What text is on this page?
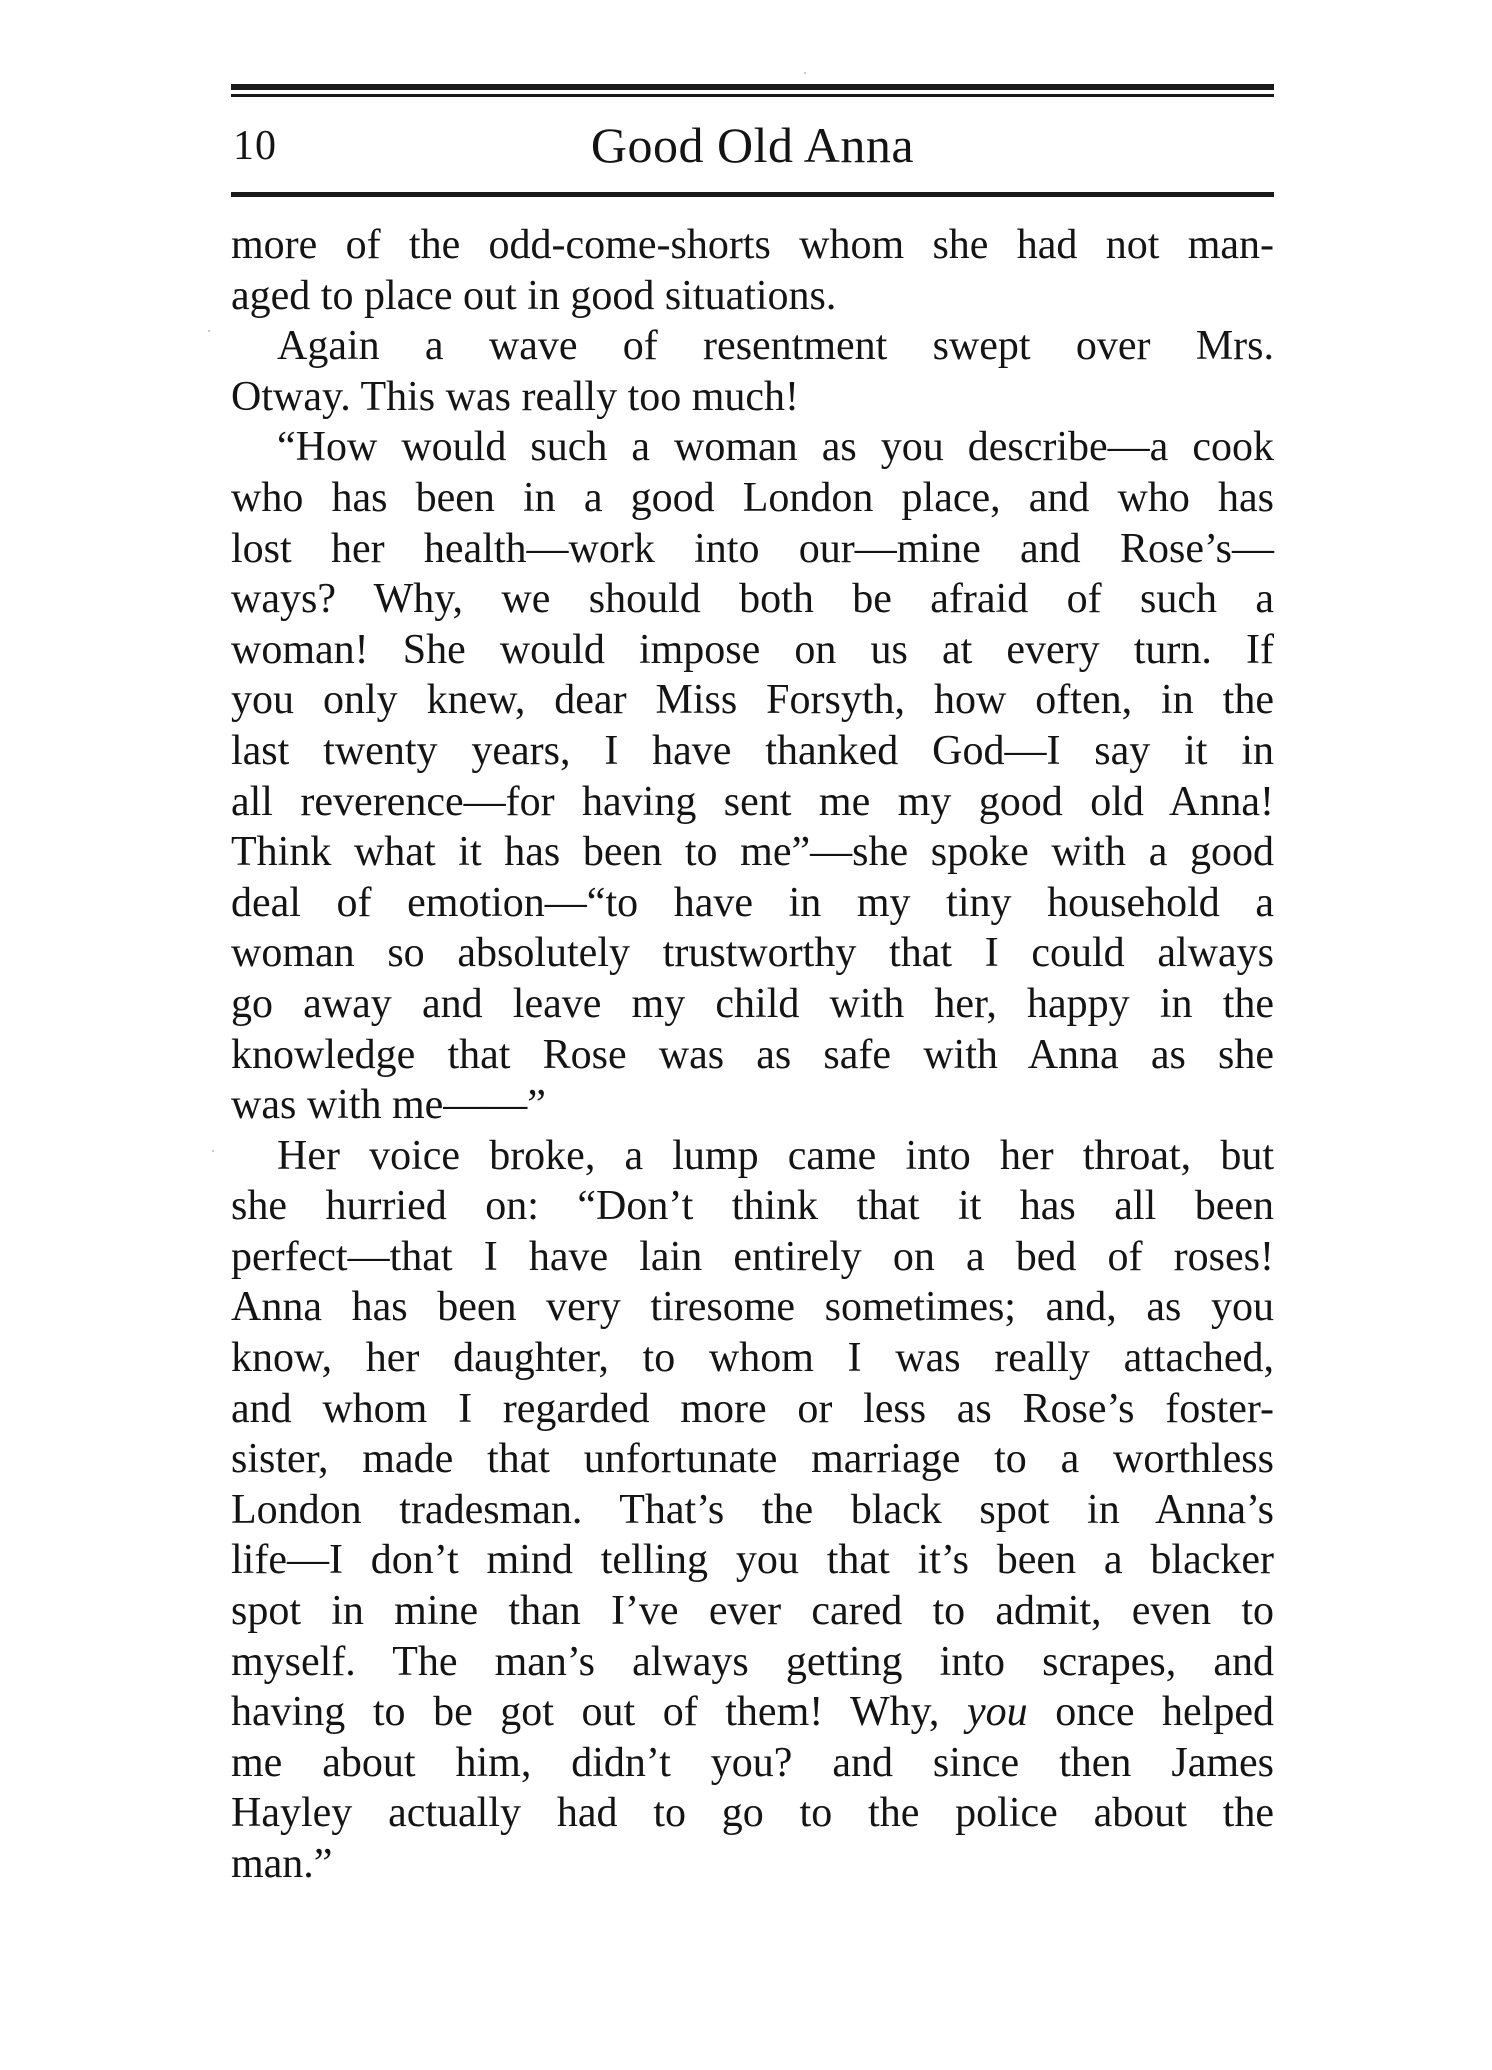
10	Good Old Anna
more of the odd-come-shorts whom she had not man-
aged to place out in good situations.
Again a wave of resentment swept over Mrs.
Otway. This was really too much!
“How would such a woman as you describe—a cook
who has been in a good London place, and who has
lost her health—work into our—mine and Rose’s—
ways? Why, we should both be afraid of such a
woman! She would impose on us at every turn. If
you only knew, dear Miss Forsyth, how often, in the
last twenty years, I have thanked God—I say it in
all reverence—for having sent me my good old Anna!
Think what it has been to me”—she spoke with a good
deal of emotion—“to have in my tiny household a
woman so absolutely trustworthy that I could always
go away and leave my child with her, happy in the
knowledge that Rose was as safe with Anna as she
was with me——”
Her voice broke, a lump came into her throat, but
she hurried on: “Don’t think that it has all been
perfect—that I have lain entirely on a bed of roses!
Anna has been very tiresome sometimes; and, as you
know, her daughter, to whom I was really attached,
and whom I regarded more or less as Rose’s foster-
sister, made that unfortunate marriage to a worthless
London tradesman. That’s the black spot in Anna’s
life—I don’t mind telling you that it’s been a blacker
spot in mine than I’ve ever cared to admit, even to
myself. The man’s always getting into scrapes, and
having to be got out of them! Why, you once helped
me about him, didn’t you? and since then James
Hayley actually had to go to the police about the
man.”
